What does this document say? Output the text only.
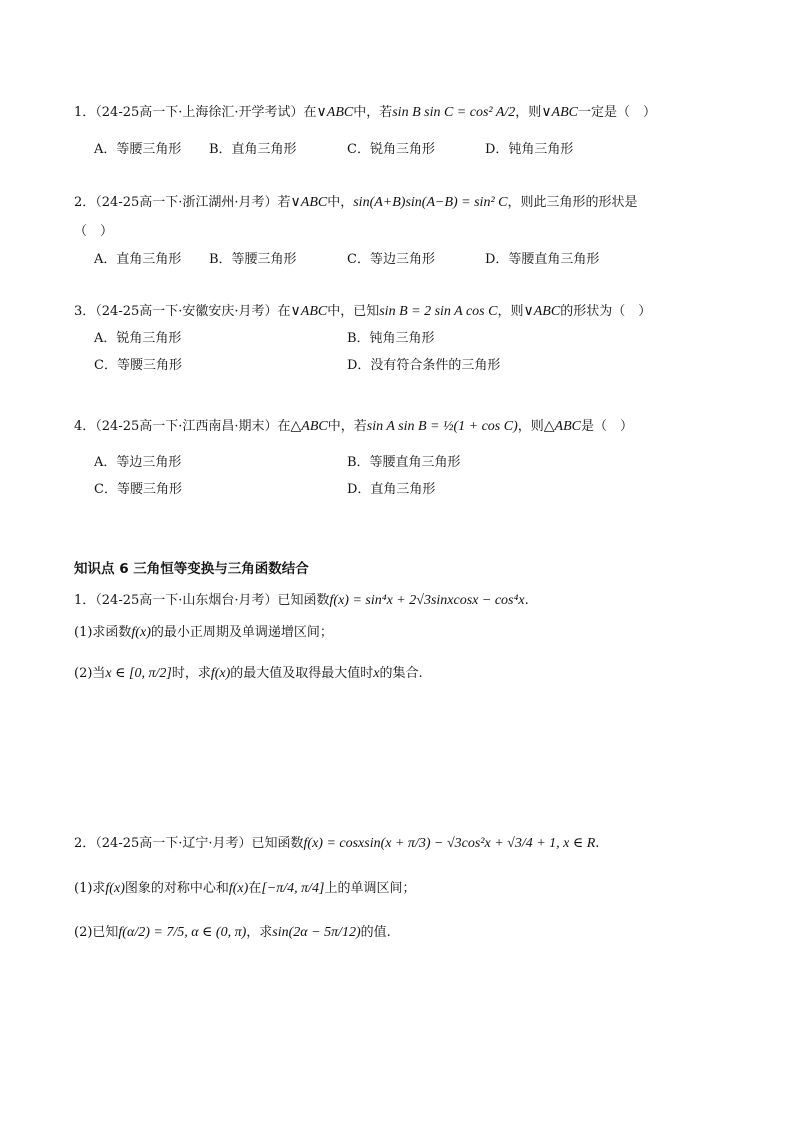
1．（24-25高一下·上海徐汇·开学考试）在∨ABC中，若sin B sin C = cos² A/2，则∨ABC一定是（　）
A．等腰三角形 B．直角三角形	C．锐角三角形	D．钝角三角形
2．（24-25高一下·浙江湖州·月考）若∨ABC中，sin(A+B)sin(A−B) = sin² C，则此三角形的形状是
（　）
A．直角三角形 B．等腰三角形	C．等边三角形	D．等腰直角三角形
3．（24-25高一下·安徽安庆·月考）在∨ABC中，已知sin B = 2 sin A cos C，则∨ABC的形状为（　）
A．锐角三角形	B．钝角三角形
C．等腰三角形	D．没有符合条件的三角形
4．（24-25高一下·江西南昌·期末）在△ABC中，若sin A sin B = ½(1 + cos C)，则△ABC是（　）
A．等边三角形	B．等腰直角三角形
C．等腰三角形	D．直角三角形
知识点 6 三角恒等变换与三角函数结合
1．（24-25高一下·山东烟台·月考）已知函数f(x) = sin⁴x + 2√3sinxcosx − cos⁴x.
(1)求函数f(x)的最小正周期及单调递增区间；
(2)当x ∈ [0, π/2]时，求f(x)的最大值及取得最大值时x的集合.
2．（24-25高一下·辽宁·月考）已知函数f(x) = cosxsin(x + π/3) − √3cos²x + √3/4 + 1, x ∈ R.
(1)求f(x)图象的对称中心和f(x)在[−π/4, π/4]上的单调区间；
(2)已知f(α/2) = 7/5, α ∈ (0, π)，求sin(2α − 5π/12)的值.
